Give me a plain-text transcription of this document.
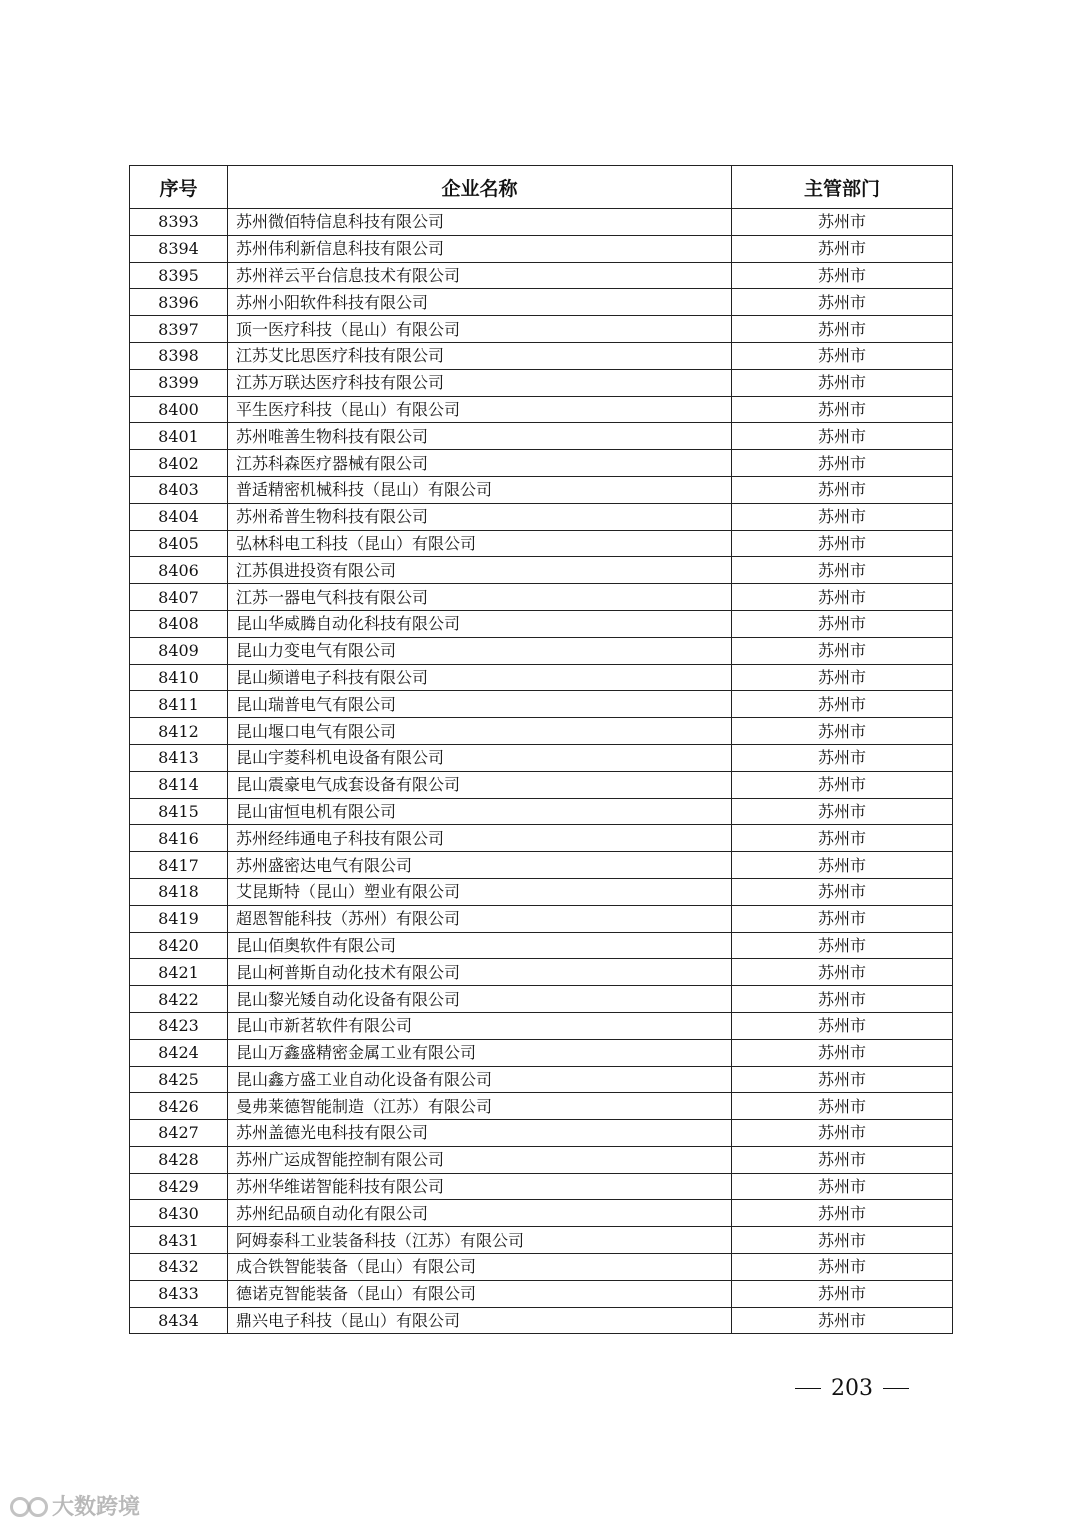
序号	企业名称	主管部门
8393	苏州微佰特信息科技有限公司	苏州市
8394	苏州伟利新信息科技有限公司	苏州市
8395	苏州祥云平台信息技术有限公司	苏州市
8396	苏州小阳软件科技有限公司	苏州市
8397	顶一医疗科技（昆山）有限公司	苏州市
8398	江苏艾比思医疗科技有限公司	苏州市
8399	江苏万联达医疗科技有限公司	苏州市
8400	平生医疗科技（昆山）有限公司	苏州市
8401	苏州唯善生物科技有限公司	苏州市
8402	江苏科森医疗器械有限公司	苏州市
8403	普适精密机械科技（昆山）有限公司	苏州市
8404	苏州希普生物科技有限公司	苏州市
8405	弘林科电工科技（昆山）有限公司	苏州市
8406	江苏俱进投资有限公司	苏州市
8407	江苏一器电气科技有限公司	苏州市
8408	昆山华威腾自动化科技有限公司	苏州市
8409	昆山力变电气有限公司	苏州市
8410	昆山频谱电子科技有限公司	苏州市
8411	昆山瑞普电气有限公司	苏州市
8412	昆山堰口电气有限公司	苏州市
8413	昆山宇菱科机电设备有限公司	苏州市
8414	昆山震豪电气成套设备有限公司	苏州市
8415	昆山宙恒电机有限公司	苏州市
8416	苏州经纬通电子科技有限公司	苏州市
8417	苏州盛密达电气有限公司	苏州市
8418	艾昆斯特（昆山）塑业有限公司	苏州市
8419	超恩智能科技（苏州）有限公司	苏州市
8420	昆山佰奥软件有限公司	苏州市
8421	昆山柯普斯自动化技术有限公司	苏州市
8422	昆山黎光矮自动化设备有限公司	苏州市
8423	昆山市新茗软件有限公司	苏州市
8424	昆山万鑫盛精密金属工业有限公司	苏州市
8425	昆山鑫方盛工业自动化设备有限公司	苏州市
8426	曼弗莱德智能制造（江苏）有限公司	苏州市
8427	苏州盖德光电科技有限公司	苏州市
8428	苏州广运成智能控制有限公司	苏州市
8429	苏州华维诺智能科技有限公司	苏州市
8430	苏州纪品硕自动化有限公司	苏州市
8431	阿姆泰科工业装备科技（江苏）有限公司	苏州市
8432	成合铁智能装备（昆山）有限公司	苏州市
8433	德诺克智能装备（昆山）有限公司	苏州市
8434	鼎兴电子科技（昆山）有限公司	苏州市
203
大数跨境
